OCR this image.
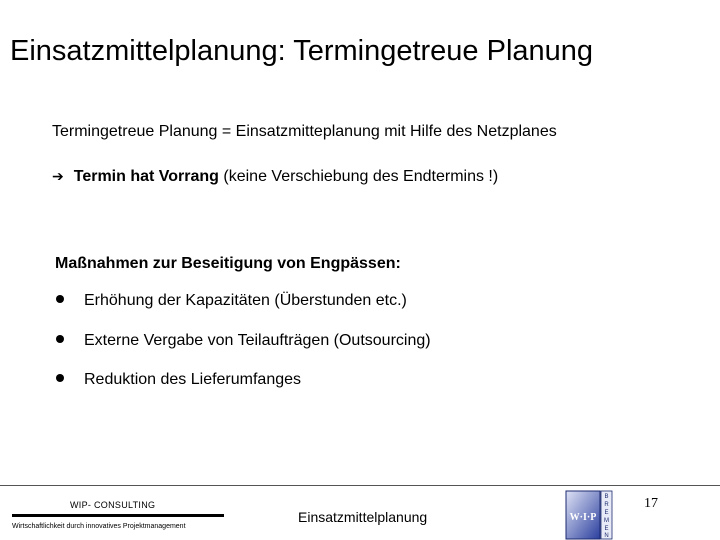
Einsatzmittelplanung: Termingetreue Planung
Termingetreue Planung = Einsatzmitteplanung mit Hilfe des Netzplanes
➔ Termin hat Vorrang (keine Verschiebung des Endtermins !)
Maßnahmen zur Beseitigung von Engpässen:
Erhöhung der Kapazitäten (Überstunden etc.)
Externe Vergabe von Teilaufträgen (Outsourcing)
Reduktion des Lieferumfanges
WIP- CONSULTING
Wirtschaftlichkeit durch innovatives Projektmanagement
Einsatzmittelplanung	W·I·P
B
R
E
M
E
N
17
